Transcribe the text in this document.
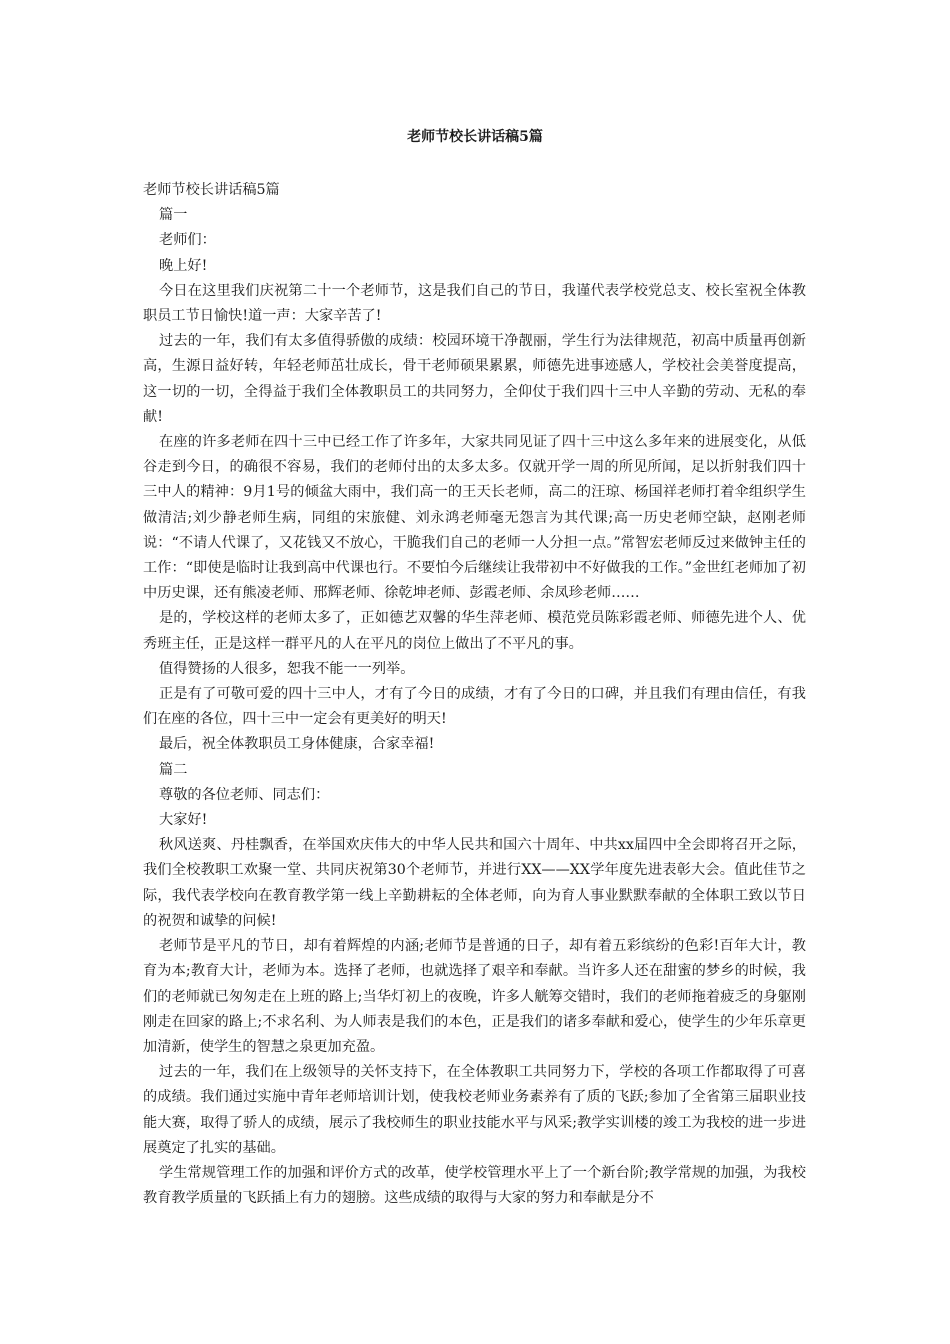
老师节校长讲话稿5篇

老师节校长讲话稿5篇

篇一

老师们：

晚上好!

今日在这里我们庆祝第二十一个老师节，这是我们自己的节日，我谨代表学校党总支、校长室祝全体教职员工节日愉快!道一声：大家辛苦了!

过去的一年，我们有太多值得骄傲的成绩：校园环境干净靓丽，学生行为法律规范，初高中质量再创新高，生源日益好转，年轻老师茁壮成长，骨干老师硕果累累，师德先进事迹感人，学校社会美誉度提高，这一切的一切，全得益于我们全体教职员工的共同努力，全仰仗于我们四十三中人辛勤的劳动、无私的奉献!

在座的许多老师在四十三中已经工作了许多年，大家共同见证了四十三中这么多年来的进展变化，从低谷走到今日，的确很不容易，我们的老师付出的太多太多。仅就开学一周的所见所闻，足以折射我们四十三中人的精神：9月1号的倾盆大雨中，我们高一的王天长老师，高二的汪琼、杨国祥老师打着伞组织学生做清洁;刘少静老师生病，同组的宋旅健、刘永鸿老师毫无怨言为其代课;高一历史老师空缺，赵刚老师说：“不请人代课了，又花钱又不放心，干脆我们自己的老师一人分担一点。”常智宏老师反过来做钟主任的工作：“即使是临时让我到高中代课也行。不要怕今后继续让我带初中不好做我的工作。”金世红老师加了初中历史课，还有熊凌老师、邢辉老师、徐乾坤老师、彭霞老师、余凤珍老师……

是的，学校这样的老师太多了，正如德艺双馨的华生萍老师、模范党员陈彩霞老师、师德先进个人、优秀班主任，正是这样一群平凡的人在平凡的岗位上做出了不平凡的事。

值得赞扬的人很多，恕我不能一一列举。

正是有了可敬可爱的四十三中人，才有了今日的成绩，才有了今日的口碑，并且我们有理由信任，有我们在座的各位，四十三中一定会有更美好的明天!

最后，祝全体教职员工身体健康，合家幸福!

篇二

尊敬的各位老师、同志们：

大家好!

秋风送爽、丹桂飘香，在举国欢庆伟大的中华人民共和国六十周年、中共xx届四中全会即将召开之际，我们全校教职工欢聚一堂、共同庆祝第30个老师节，并进行XX——XX学年度先进表彰大会。值此佳节之际，我代表学校向在教育教学第一线上辛勤耕耘的全体老师，向为育人事业默默奉献的全体职工致以节日的祝贺和诚挚的问候!

老师节是平凡的节日，却有着辉煌的内涵;老师节是普通的日子，却有着五彩缤纷的色彩!百年大计，教育为本;教育大计，老师为本。选择了老师，也就选择了艰辛和奉献。当许多人还在甜蜜的梦乡的时候，我们的老师就已匆匆走在上班的路上;当华灯初上的夜晚，许多人觥筹交错时，我们的老师拖着疲乏的身躯刚刚走在回家的路上;不求名利、为人师表是我们的本色，正是我们的诸多奉献和爱心，使学生的少年乐章更加清新，使学生的智慧之泉更加充盈。

过去的一年，我们在上级领导的关怀支持下，在全体教职工共同努力下，学校的各项工作都取得了可喜的成绩。我们通过实施中青年老师培训计划，使我校老师业务素养有了质的飞跃;参加了全省第三届职业技能大赛，取得了骄人的成绩，展示了我校师生的职业技能水平与风采;教学实训楼的竣工为我校的进一步进展奠定了扎实的基础。

学生常规管理工作的加强和评价方式的改革，使学校管理水平上了一个新台阶;教学常规的加强，为我校教育教学质量的飞跃插上有力的翅膀。这些成绩的取得与大家的努力和奉献是分不
